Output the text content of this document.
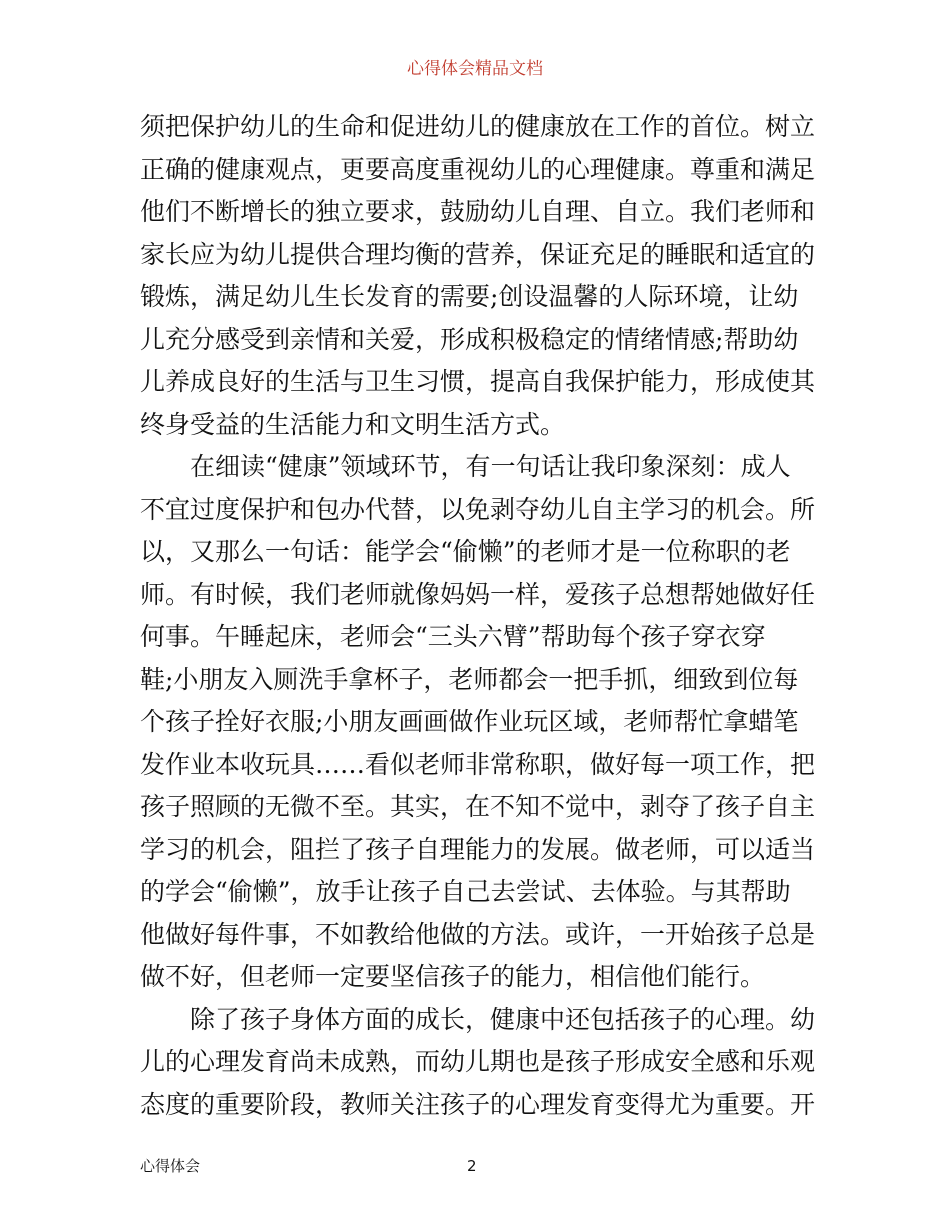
心得体会精品文档
须把保护幼儿的生命和促进幼儿的健康放在工作的首位。树立
正确的健康观点，更要高度重视幼儿的心理健康。尊重和满足
他们不断增长的独立要求，鼓励幼儿自理、自立。我们老师和
家长应为幼儿提供合理均衡的营养，保证充足的睡眠和适宜的
锻炼，满足幼儿生长发育的需要;创设温馨的人际环境，让幼
儿充分感受到亲情和关爱，形成积极稳定的情绪情感;帮助幼
儿养成良好的生活与卫生习惯，提高自我保护能力，形成使其
终身受益的生活能力和文明生活方式。
在细读“健康”领域环节，有一句话让我印象深刻：成人
不宜过度保护和包办代替，以免剥夺幼儿自主学习的机会。所
以，又那么一句话：能学会“偷懒”的老师才是一位称职的老
师。有时候，我们老师就像妈妈一样，爱孩子总想帮她做好任
何事。午睡起床，老师会“三头六臂”帮助每个孩子穿衣穿
鞋;小朋友入厕洗手拿杯子，老师都会一把手抓，细致到位每
个孩子拴好衣服;小朋友画画做作业玩区域，老师帮忙拿蜡笔
发作业本收玩具……看似老师非常称职，做好每一项工作，把
孩子照顾的无微不至。其实，在不知不觉中，剥夺了孩子自主
学习的机会，阻拦了孩子自理能力的发展。做老师，可以适当
的学会“偷懒”，放手让孩子自己去尝试、去体验。与其帮助
他做好每件事，不如教给他做的方法。或许，一开始孩子总是
做不好，但老师一定要坚信孩子的能力，相信他们能行。
除了孩子身体方面的成长，健康中还包括孩子的心理。幼
儿的心理发育尚未成熟，而幼儿期也是孩子形成安全感和乐观
态度的重要阶段，教师关注孩子的心理发育变得尤为重要。开
心得体会	2
